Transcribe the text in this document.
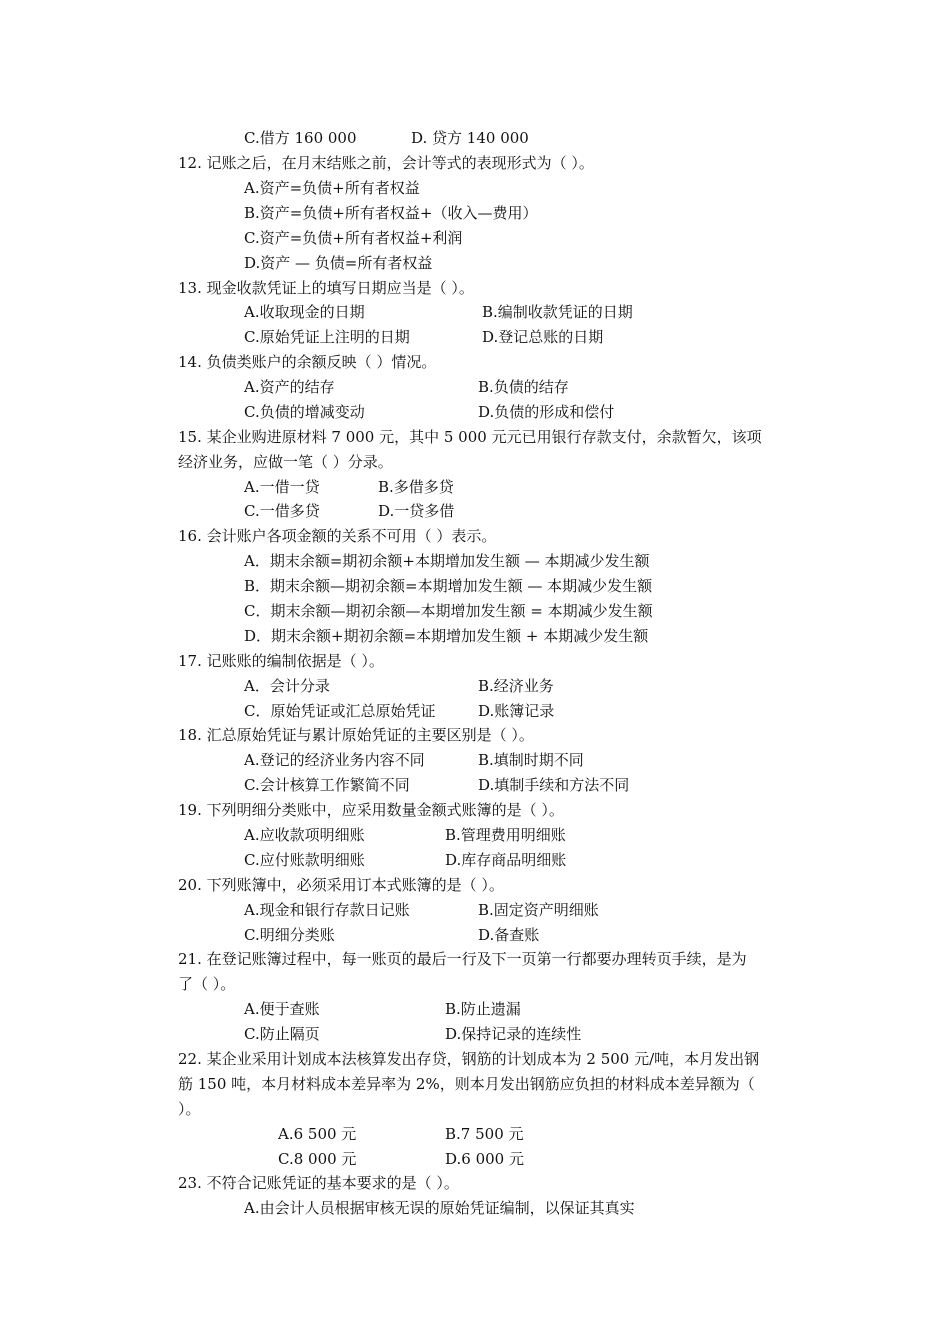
C.借方 160 000	D. 贷方 140 000
12. 记账之后，在月末结账之前，会计等式的表现形式为（ ）。
A.资产=负债+所有者权益
B.资产=负债+所有者权益+（收入—费用）
C.资产=负债+所有者权益+利润
D.资产 — 负债=所有者权益
13. 现金收款凭证上的填写日期应当是（ ）。
A.收取现金的日期	B.编制收款凭证的日期
C.原始凭证上注明的日期	D.登记总账的日期
14. 负债类账户的余额反映（ ）情况。
A.资产的结存	B.负债的结存
C.负债的增减变动	D.负债的形成和偿付
15. 某企业购进原材料 7 000 元，其中 5 000 元元已用银行存款支付，余款暂欠，该项
经济业务，应做一笔（ ）分录。
A.一借一贷	B.多借多贷
C.一借多贷	D.一贷多借
16. 会计账户各项金额的关系不可用（ ）表示。
A．期末余额=期初余额+本期增加发生额 — 本期减少发生额
B．期末余额—期初余额=本期增加发生额 — 本期减少发生额
C．期末余额—期初余额—本期增加发生额 = 本期减少发生额
D．期末余额+期初余额=本期增加发生额 + 本期减少发生额
17. 记账账的编制依据是（ ）。
A．会计分录	B.经济业务
C．原始凭证或汇总原始凭证	D.账簿记录
18. 汇总原始凭证与累计原始凭证的主要区别是（ ）。
A.登记的经济业务内容不同	B.填制时期不同
C.会计核算工作繁简不同	D.填制手续和方法不同
19. 下列明细分类账中，应采用数量金额式账簿的是（ ）。
A.应收款项明细账	B.管理费用明细账
C.应付账款明细账	D.库存商品明细账
20. 下列账簿中，必须采用订本式账簿的是（ ）。
A.现金和银行存款日记账	B.固定资产明细账
C.明细分类账	D.备查账
21. 在登记账簿过程中，每一账页的最后一行及下一页第一行都要办理转页手续，是为
了（ ）。
A.便于查账	B.防止遗漏
C.防止隔页	D.保持记录的连续性
22. 某企业采用计划成本法核算发出存贷，钢筋的计划成本为 2 500 元/吨，本月发出钢
筋 150 吨，本月材料成本差异率为 2%，则本月发出钢筋应负担的材料成本差异额为（
）。
A.6 500 元	B.7 500 元
C.8 000 元	D.6 000 元
23. 不符合记账凭证的基本要求的是（ ）。
A.由会计人员根据审核无误的原始凭证编制，以保证其真实
